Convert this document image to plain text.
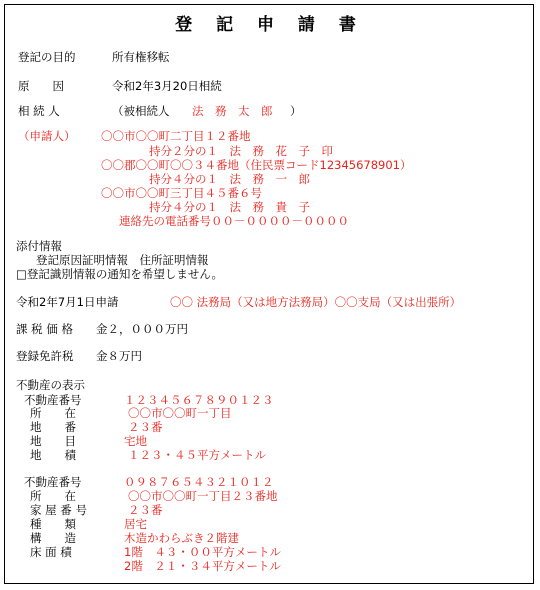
登 記 申 請 書
登記の目的	所有権移転
原　　因	令和2年3月20日相続
相 続 人	（被相続人 法　務　太　郎 ）
（申請人） 〇〇市〇〇町二丁目１２番地
持分２分の１　法　務　花　子　印
〇〇郡〇〇町〇〇３４番地（住民票コード12345678901）
持分４分の１　法　務　一　郎
〇〇市〇〇町三丁目４５番６号
持分４分の１　法　務　貴　子
連絡先の電話番号００－００００－００００
添付情報
登記原因証明情報　住所証明情報
□登記識別情報の通知を希望しません。
令和2年7月1日申請	〇〇 法務局（又は地方法務局）〇〇支局（又は出張所）
課 税 価 格 金２，０００万円
登録免許税 金８万円
不動産の表示
不動産番号	１２３４５６７８９０１２３
所　　在	〇〇市〇〇町一丁目
地　　番	２３番
地　　目	宅地
地　　積	１２３・４５平方メートル
不動産番号	０９８７６５４３２１０１２
所　　在	〇〇市〇〇町一丁目２３番地
家 屋 番 号	２３番
種　　類	居宅
構　　造	木造かわらぶき２階建
床 面 積	1階　４３・００平方メートル
2階　２１・３４平方メートル
